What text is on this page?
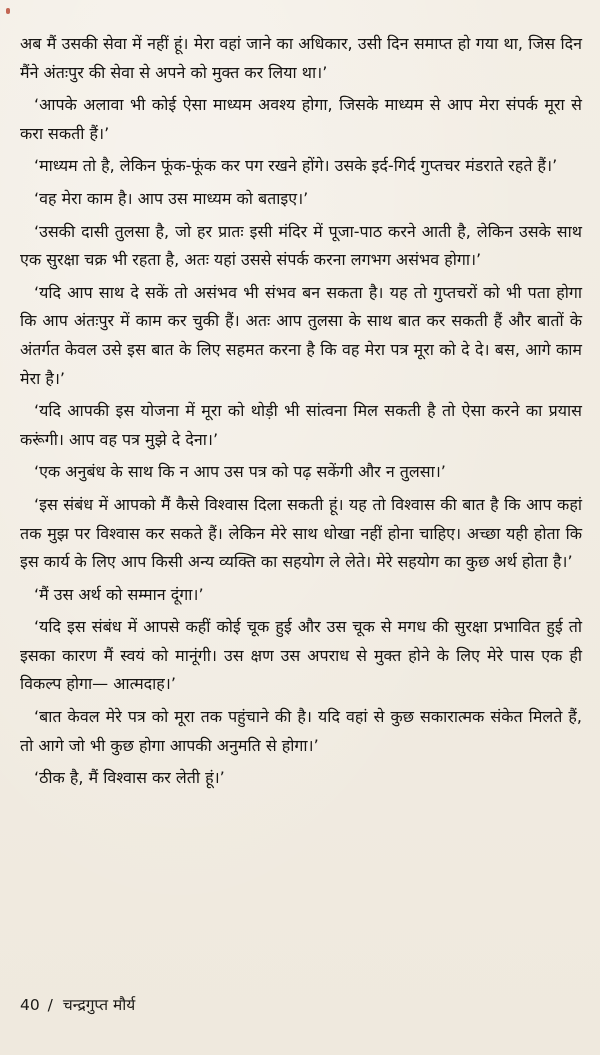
अब मैं उसकी सेवा में नहीं हूं। मेरा वहां जाने का अधिकार, उसी दिन समाप्त हो गया था, जिस दिन मैंने अंतःपुर की सेवा से अपने को मुक्त कर लिया था।’

‘आपके अलावा भी कोई ऐसा माध्यम अवश्य होगा, जिसके माध्यम से आप मेरा संपर्क मूरा से करा सकती हैं।’

‘माध्यम तो है, लेकिन फूंक-फूंक कर पग रखने होंगे। उसके इर्द-गिर्द गुप्तचर मंडराते रहते हैं।’

‘वह मेरा काम है। आप उस माध्यम को बताइए।’

‘उसकी दासी तुलसा है, जो हर प्रातः इसी मंदिर में पूजा-पाठ करने आती है, लेकिन उसके साथ एक सुरक्षा चक्र भी रहता है, अतः यहां उससे संपर्क करना लगभग असंभव होगा।’

‘यदि आप साथ दे सकें तो असंभव भी संभव बन सकता है। यह तो गुप्तचरों को भी पता होगा कि आप अंतःपुर में काम कर चुकी हैं। अतः आप तुलसा के साथ बात कर सकती हैं और बातों के अंतर्गत केवल उसे इस बात के लिए सहमत करना है कि वह मेरा पत्र मूरा को दे दे। बस, आगे काम मेरा है।’

‘यदि आपकी इस योजना में मूरा को थोड़ी भी सांत्वना मिल सकती है तो ऐसा करने का प्रयास करूंगी। आप वह पत्र मुझे दे देना।’

‘एक अनुबंध के साथ कि न आप उस पत्र को पढ़ सकेंगी और न तुलसा।’

‘इस संबंध में आपको मैं कैसे विश्वास दिला सकती हूं। यह तो विश्वास की बात है कि आप कहां तक मुझ पर विश्वास कर सकते हैं। लेकिन मेरे साथ धोखा नहीं होना चाहिए। अच्छा यही होता कि इस कार्य के लिए आप किसी अन्य व्यक्ति का सहयोग ले लेते। मेरे सहयोग का कुछ अर्थ होता है।’

‘मैं उस अर्थ को सम्मान दूंगा।’

‘यदि इस संबंध में आपसे कहीं कोई चूक हुई और उस चूक से मगध की सुरक्षा प्रभावित हुई तो इसका कारण मैं स्वयं को मानूंगी। उस क्षण उस अपराध से मुक्त होने के लिए मेरे पास एक ही विकल्प होगा— आत्मदाह।’

‘बात केवल मेरे पत्र को मूरा तक पहुंचाने की है। यदि वहां से कुछ सकारात्मक संकेत मिलते हैं, तो आगे जो भी कुछ होगा आपकी अनुमति से होगा।’

‘ठीक है, मैं विश्वास कर लेती हूं।’

40 / चन्द्रगुप्त मौर्य
